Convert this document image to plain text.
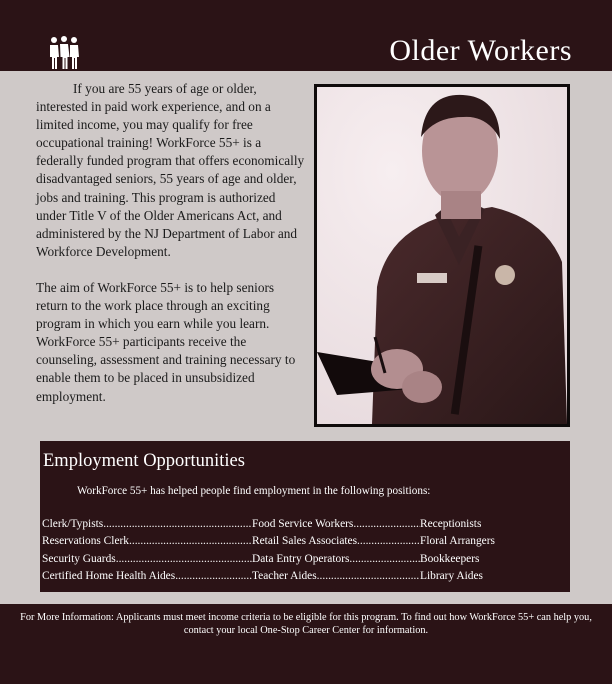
Older Workers

If you are 55 years of age or older, interested in paid work experience, and on a limited income, you may qualify for free occupational training! WorkForce 55+ is a federally funded program that offers economically disadvantaged seniors, 55 years of age and older, jobs and training. This program is authorized under Title V of the Older Americans Act, and administered by the NJ Department of Labor and Workforce Development.

The aim of WorkForce 55+ is to help seniors return to the work place through an exciting program in which you earn while you learn. WorkForce 55+ participants receive the counseling, assessment and training necessary to enable them to be placed in unsubsidized employment.

Employment Opportunities
WorkForce 55+ has helped people find employment in the following positions:
Clerk/Typists .....	Food Service Workers .....	Receptionists
Reservations Clerk .....	Retail Sales Associates .....	Floral Arrangers
Security Guards .....	Data Entry Operators .....	Bookkeepers
Certified Home Health Aides .....	Teacher Aides .....	Library Aides
For More Information: Applicants must meet income criteria to be eligible for this program. To find out how WorkForce 55+ can help you, contact your local One-Stop Career Center for information.
